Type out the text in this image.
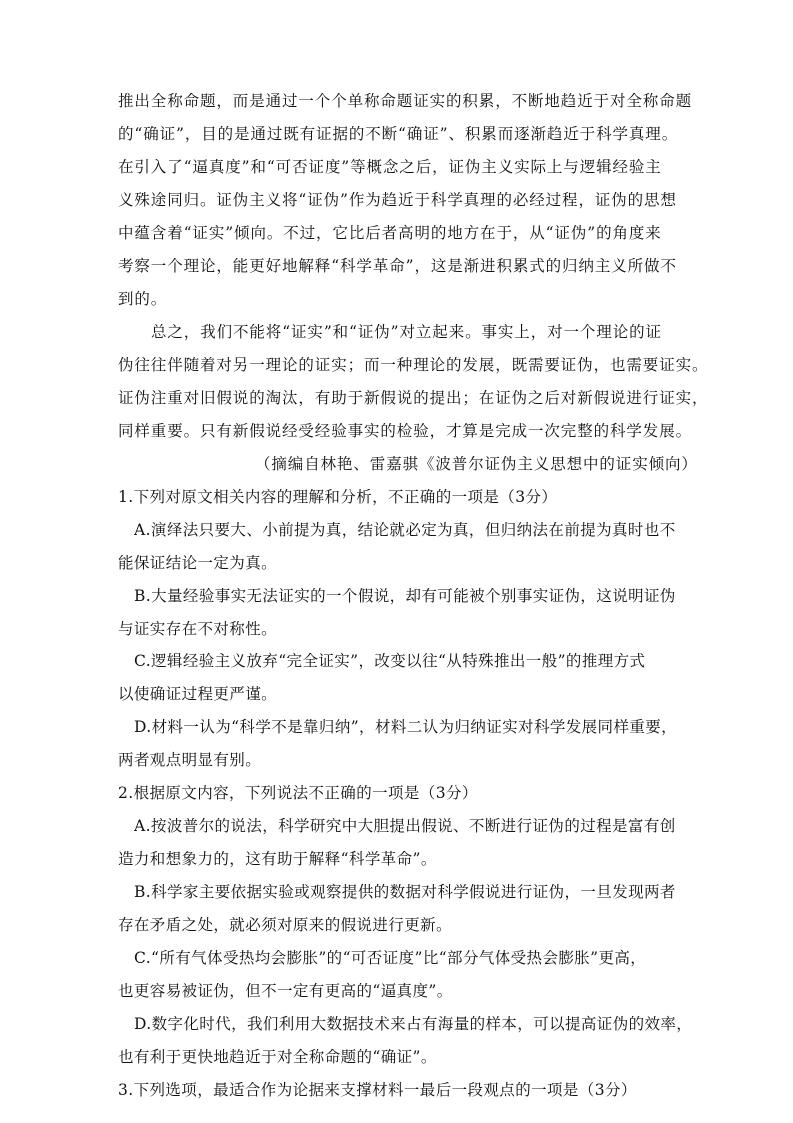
推出全称命题，而是通过一个个单称命题证实的积累，不断地趋近于对全称命题
的“确证”，目的是通过既有证据的不断“确证”、积累而逐渐趋近于科学真理。
在引入了“逼真度”和“可否证度”等概念之后，证伪主义实际上与逻辑经验主
义殊途同归。证伪主义将“证伪”作为趋近于科学真理的必经过程，证伪的思想
中蕴含着“证实”倾向。不过，它比后者高明的地方在于，从“证伪”的角度来
考察一个理论，能更好地解释“科学革命”，这是渐进积累式的归纳主义所做不
到的。
总之，我们不能将“证实”和“证伪”对立起来。事实上，对一个理论的证
伪往往伴随着对另一理论的证实；而一种理论的发展，既需要证伪，也需要证实。
证伪注重对旧假说的淘汰，有助于新假说的提出；在证伪之后对新假说进行证实，
同样重要。只有新假说经受经验事实的检验，才算是完成一次完整的科学发展。
（摘编自林艳、雷嘉骐《波普尔证伪主义思想中的证实倾向）
1.下列对原文相关内容的理解和分析，不正确的一项是（3分）
A.演绎法只要大、小前提为真，结论就必定为真，但归纳法在前提为真时也不
能保证结论一定为真。
B.大量经验事实无法证实的一个假说，却有可能被个别事实证伪，这说明证伪
与证实存在不对称性。
C.逻辑经验主义放弃“完全证实”，改变以往“从特殊推出一般”的推理方式
以使确证过程更严谨。
D.材料一认为“科学不是靠归纳”，材料二认为归纳证实对科学发展同样重要，
两者观点明显有别。
2.根据原文内容，下列说法不正确的一项是（3分）
A.按波普尔的说法，科学研究中大胆提出假说、不断进行证伪的过程是富有创
造力和想象力的，这有助于解释“科学革命”。
B.科学家主要依据实验或观察提供的数据对科学假说进行证伪，一旦发现两者
存在矛盾之处，就必须对原来的假说进行更新。
C.“所有气体受热均会膨胀”的“可否证度”比“部分气体受热会膨胀”更高，
也更容易被证伪，但不一定有更高的“逼真度”。
D.数字化时代，我们利用大数据技术来占有海量的样本，可以提高证伪的效率，
也有利于更快地趋近于对全称命题的“确证”。
3.下列选项，最适合作为论据来支撑材料一最后一段观点的一项是（3分）
